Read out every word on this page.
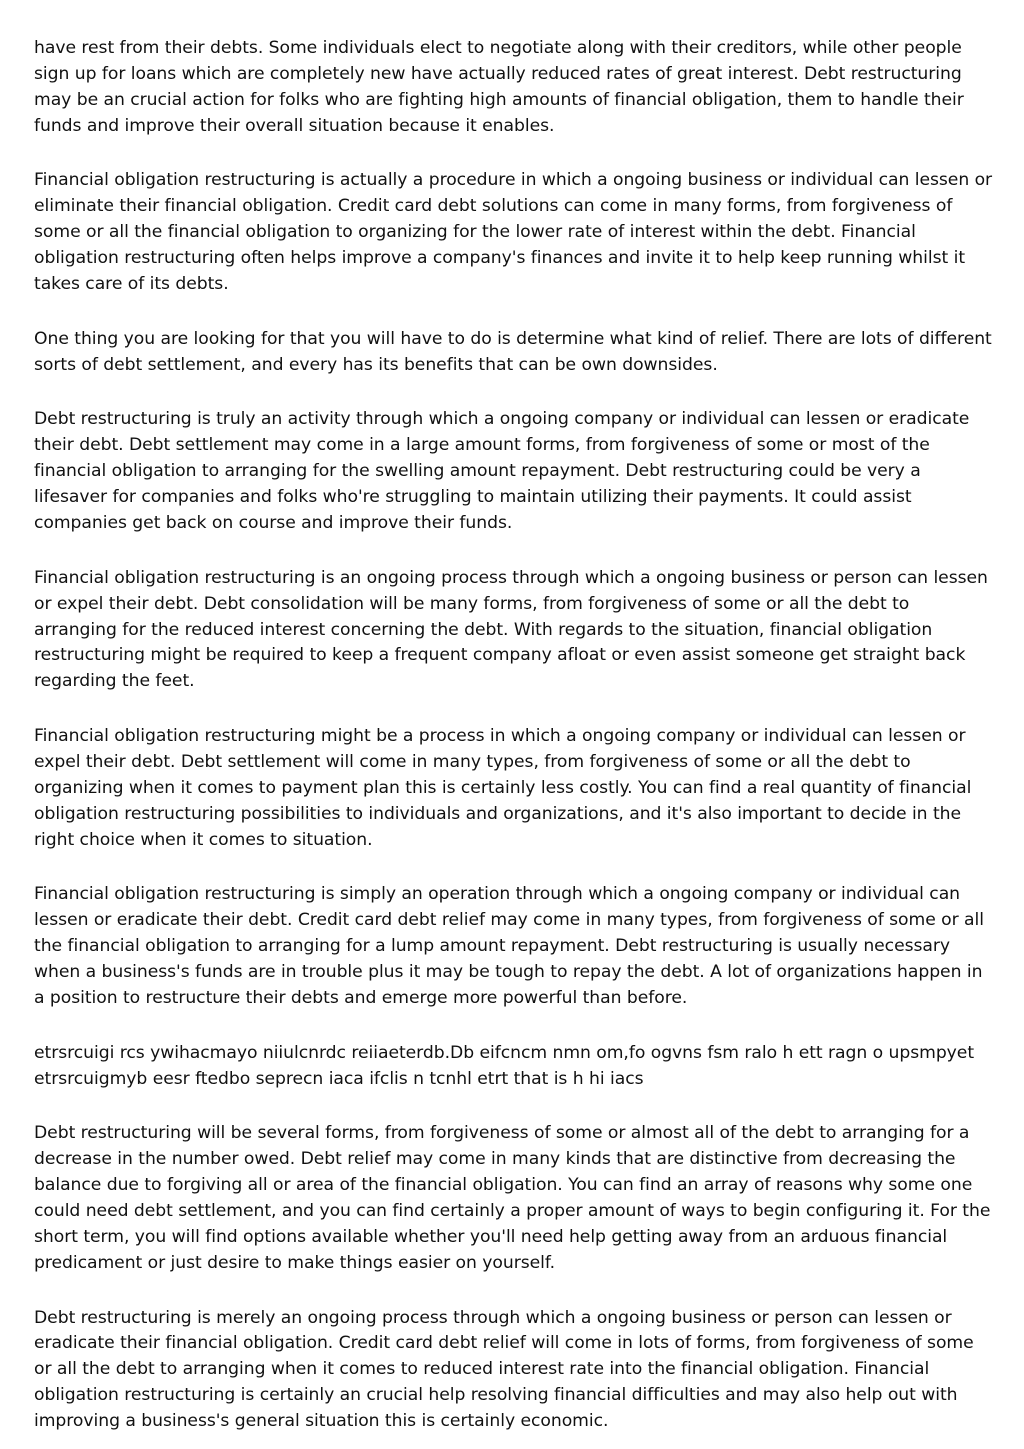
have rest from their debts. Some individuals elect to negotiate along with their creditors, while other people sign up for loans which are completely new have actually reduced rates of great interest. Debt restructuring may be an crucial action for folks who are fighting high amounts of financial obligation, them to handle their funds and improve their overall situation because it enables.

Financial obligation restructuring is actually a procedure in which a ongoing business or individual can lessen or eliminate their financial obligation. Credit card debt solutions can come in many forms, from forgiveness of some or all the financial obligation to organizing for the lower rate of interest within the debt. Financial obligation restructuring often helps improve a company's finances and invite it to help keep running whilst it takes care of its debts.

One thing you are looking for that you will have to do is determine what kind of relief. There are lots of different sorts of debt settlement, and every has its benefits that can be own downsides.

Debt restructuring is truly an activity through which a ongoing company or individual can lessen or eradicate their debt. Debt settlement may come in a large amount forms, from forgiveness of some or most of the financial obligation to arranging for the swelling amount repayment. Debt restructuring could be very a lifesaver for companies and folks who're struggling to maintain utilizing their payments. It could assist companies get back on course and improve their funds.

Financial obligation restructuring is an ongoing process through which a ongoing business or person can lessen or expel their debt. Debt consolidation will be many forms, from forgiveness of some or all the debt to arranging for the reduced interest concerning the debt. With regards to the situation, financial obligation restructuring might be required to keep a frequent company afloat or even assist someone get straight back regarding the feet.

Financial obligation restructuring might be a process in which a ongoing company or individual can lessen or expel their debt. Debt settlement will come in many types, from forgiveness of some or all the debt to organizing when it comes to payment plan this is certainly less costly. You can find a real quantity of financial obligation restructuring possibilities to individuals and organizations, and it's also important to decide in the right choice when it comes to situation.

Financial obligation restructuring is simply an operation through which a ongoing company or individual can lessen or eradicate their debt. Credit card debt relief may come in many types, from forgiveness of some or all the financial obligation to arranging for a lump amount repayment. Debt restructuring is usually necessary when a business's funds are in trouble plus it may be tough to repay the debt. A lot of organizations happen in a position to restructure their debts and emerge more powerful than before.

etrsrcuigi rcs ywihacmayo niiulcnrdc reiiaeterdb.Db eifcncm nmn om,fo ogvns fsm ralo h ett ragn o upsmpyet etrsrcuigmyb eesr ftedbo seprecn iaca ifclis n tcnhl etrt that is h hi iacs

Debt restructuring will be several forms, from forgiveness of some or almost all of the debt to arranging for a decrease in the number owed. Debt relief may come in many kinds that are distinctive from decreasing the balance due to forgiving all or area of the financial obligation. You can find an array of reasons why some one could need debt settlement, and you can find certainly a proper amount of ways to begin configuring it. For the short term, you will find options available whether you'll need help getting away from an arduous financial predicament or just desire to make things easier on yourself.

Debt restructuring is merely an ongoing process through which a ongoing business or person can lessen or eradicate their financial obligation. Credit card debt relief will come in lots of forms, from forgiveness of some or all the debt to arranging when it comes to reduced interest rate into the financial obligation. Financial obligation restructuring is certainly an crucial help resolving financial difficulties and may also help out with improving a business's general situation this is certainly economic.
